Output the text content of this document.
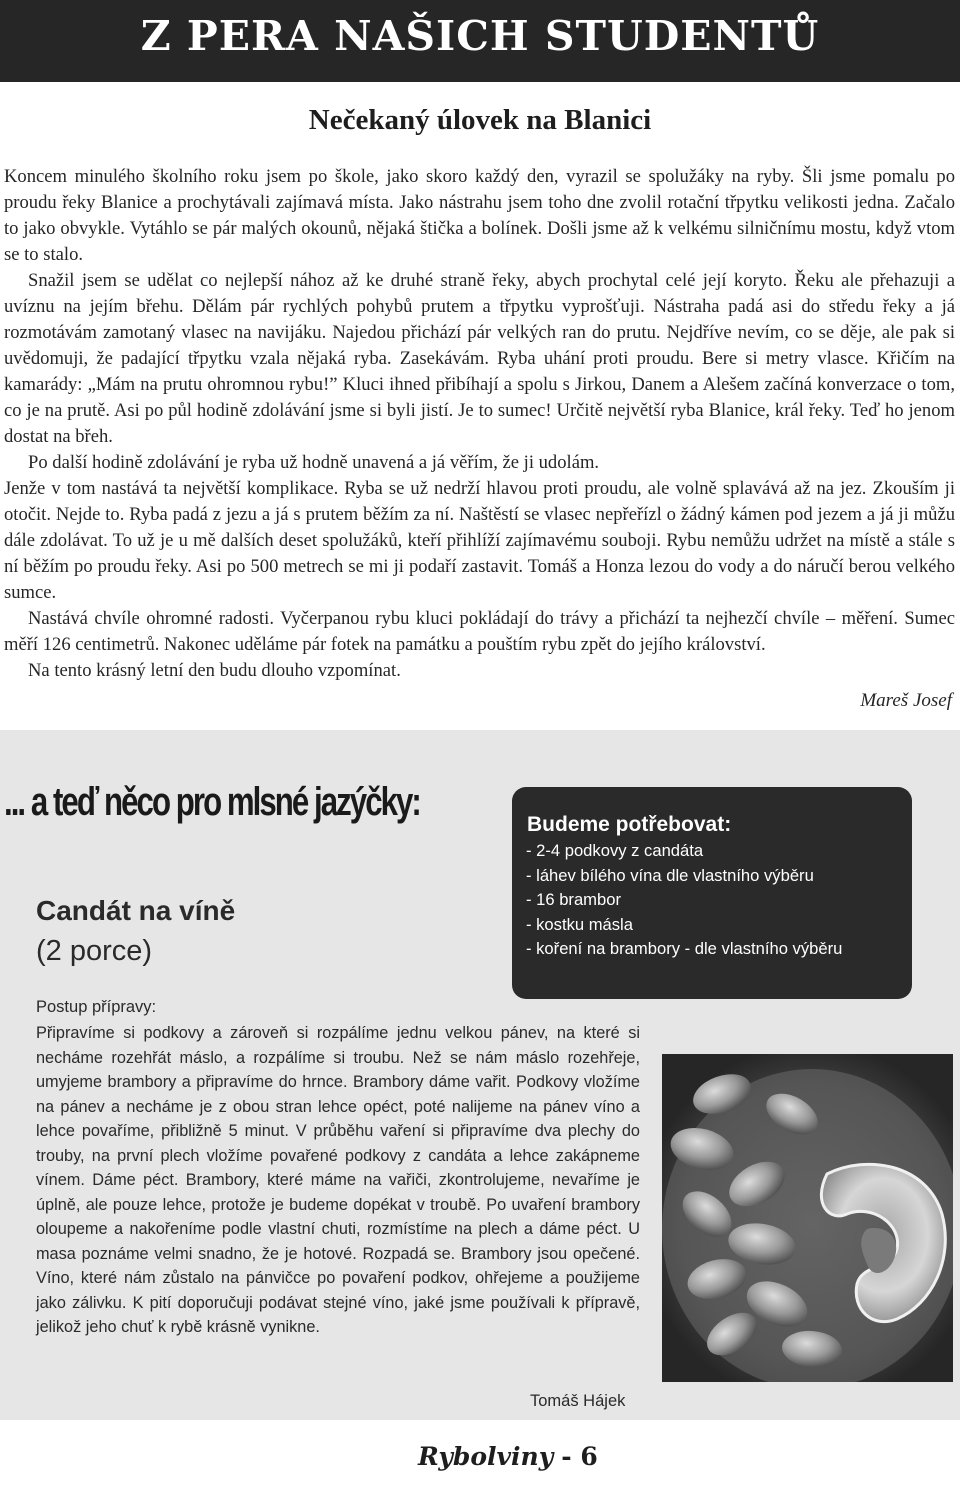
Z PERA NAŠICH STUDENTŮ
Nečekaný úlovek na Blanici

Koncem minulého školního roku jsem po škole, jako skoro každý den, vyrazil se spolužáky na ryby. Šli jsme pomalu po proudu řeky Blanice a prochytávali zajímavá místa. Jako nástrahu jsem toho dne zvolil rotační třpytku velikosti jedna. Začalo to jako obvykle. Vytáhlo se pár malých okounů, nějaká štička a bolínek. Došli jsme až k velkému silničnímu mostu, když vtom se to stalo.

Snažil jsem se udělat co nejlepší nához až ke druhé straně řeky, abych prochytal celé její koryto. Řeku ale přehazuji a uvíznu na jejím břehu. Dělám pár rychlých pohybů prutem a třpytku vyprošťuji. Nástraha padá asi do středu řeky a já rozmotávám zamotaný vlasec na navijáku. Najedou přichází pár velkých ran do prutu. Nejdříve nevím, co se děje, ale pak si uvědomuji, že padající třpytku vzala nějaká ryba. Zasekávám. Ryba uhání proti proudu. Bere si metry vlasce. Křičím na kamarády: „Mám na prutu ohromnou rybu!” Kluci ihned přibíhají a spolu s Jirkou, Danem a Alešem začíná konverzace o tom, co je na prutě. Asi po půl hodině zdolávání jsme si byli jistí. Je to sumec! Určitě největší ryba Blanice, král řeky. Teď ho jenom dostat na břeh.

Po další hodině zdolávání je ryba už hodně unavená a já věřím, že ji udolám.

Jenže v tom nastává ta největší komplikace. Ryba se už nedrží hlavou proti proudu, ale volně splavává až na jez. Zkouším ji otočit. Nejde to. Ryba padá z jezu a já s prutem běžím za ní. Naštěstí se vlasec nepřeřízl o žádný kámen pod jezem a já ji můžu dále zdolávat. To už je u mě dalších deset spolužáků, kteří přihlíží zajímavému souboji. Rybu nemůžu udržet na místě a stále s ní běžím po proudu řeky. Asi po 500 metrech se mi ji podaří zastavit. Tomáš a Honza lezou do vody a do náručí berou velkého sumce.

Nastává chvíle ohromné radosti. Vyčerpanou rybu kluci pokládají do trávy a přichází ta nejhezčí chvíle – měření. Sumec měří 126 centimetrů. Nakonec uděláme pár fotek na památku a pouštím rybu zpět do jejího království.

Na tento krásný letní den budu dlouho vzpomínat.

Mareš Josef
... a teď něco pro mlsné jazýčky:
Candát na víně
(2 porce)
Budeme potřebovat:
- 2-4 podkovy z candáta
- láhev bílého vína dle vlastního výběru
- 16 brambor
- kostku másla
- koření na brambory - dle vlastního výběru
Postup přípravy:

Připravíme si podkovy a zároveň si rozpálíme jednu velkou pánev, na které si necháme rozehřát máslo, a rozpálíme si troubu. Než se nám máslo rozehřeje, umyjeme brambory a připravíme do hrnce. Brambory dáme vařit. Podkovy vložíme na pánev a necháme je z obou stran lehce opéct, poté nalijeme na pánev víno a lehce povaříme, přibližně 5 minut. V průběhu vaření si připravíme dva plechy do trouby, na první plech vložíme povařené podkovy z candáta a lehce zakápneme vínem. Dáme péct. Brambory, které máme na vařiči, zkontrolujeme, nevaříme je úplně, ale pouze lehce, protože je budeme dopékat v troubě. Po uvaření brambory oloupeme a nakořeníme podle vlastní chuti, rozmístíme na plech a dáme péct. U masa poznáme velmi snadno, že je hotové. Rozpadá se. Brambory jsou opečené. Víno, které nám zůstalo na pánvičce po povaření podkov, ohřejeme a použijeme jako zálivku. K pití doporučuji podávat stejné víno, jaké jsme používali k přípravě, jelikož jeho chuť k rybě krásně vynikne.

Tomáš Hájek
Rybolviny - 6
